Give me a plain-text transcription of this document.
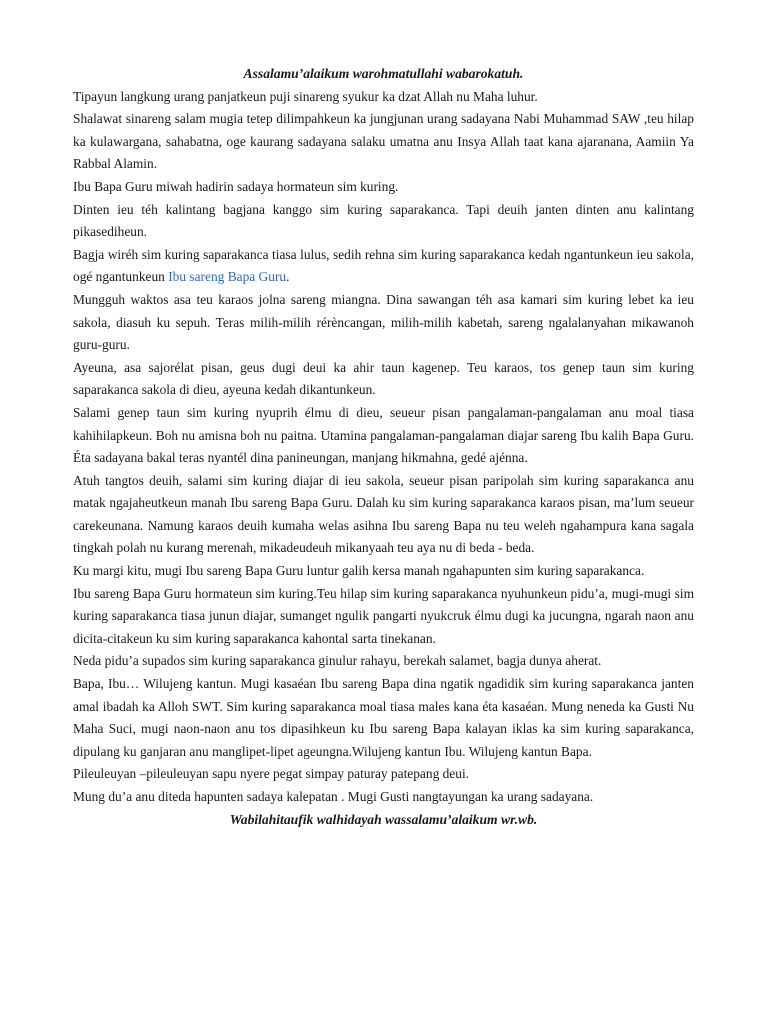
Assalamu’alaikum warohmatullahi wabarokatuh.

Tipayun langkung urang panjatkeun puji sinareng syukur ka dzat Allah nu Maha luhur.

Shalawat sinareng salam mugia tetep dilimpahkeun ka jungjunan urang sadayana Nabi Muhammad SAW ,teu hilap ka kulawargana, sahabatna, oge kaurang sadayana salaku umatna anu Insya Allah taat kana ajaranana, Aamiin Ya Rabbal Alamin.

Ibu Bapa Guru miwah hadirin sadaya hormateun sim kuring.

Dinten ieu téh kalintang bagjana kanggo sim kuring saparakanca. Tapi deuih janten dinten anu kalintang pikasedihеun.

Bagja wiréh sim kuring saparakanca tiasa lulus, sedih rehna sim kuring saparakanca kedah ngantunkeun ieu sakola, ogé ngantunkeun Ibu sareng Bapa Guru.

Mungguh waktos asa teu karaos jolna sareng miangna. Dina sawangan téh asa kamari sim kuring lebet ka ieu sakola, diasuh ku sepuh. Teras milih-milih rérèncangan, milih-milih kabetah, sareng ngalalanyahan mikawanoh guru-guru.

Ayeuna, asa sajorélat pisan, geus dugi deui ka ahir taun kagenep. Teu karaos, tos genep taun sim kuring saparakanca sakola di dieu, ayeuna kedah dikantunkeun.

Salami genep taun sim kuring nyuprih élmu di dieu, seueur pisan pangalaman-pangalaman anu moal tiasa kahihilapkeun. Boh nu amisna boh nu paitna. Utamina pangalaman-pangalaman diajar sareng Ibu kalih Bapa Guru. Éta sadayana bakal teras nyantél dina panineungan, manjang hikmahna, gedé ajénna.

Atuh tangtos deuih, salami sim kuring diajar di ieu sakola, seueur pisan paripolah sim kuring saparakanca anu matak ngajaheutkeun manah Ibu sareng Bapa Guru. Dalah ku sim kuring saparakanca karaos pisan, ma’lum seueur carekeunana. Namung karaos deuih kumaha welas asihna Ibu sareng Bapa nu teu weleh ngahampura kana sagala tingkah polah nu kurang merenah, mikadeudeuh mikanyaah teu aya nu di beda - beda.

Ku margi kitu, mugi Ibu sareng Bapa Guru luntur galih kersa manah ngahapunten sim kuring saparakanca.

Ibu sareng Bapa Guru hormateun sim kuring.Teu hilap sim kuring saparakanca nyuhunkeun pidu’a, mugi-mugi sim kuring saparakanca tiasa junun diajar, sumanget ngulik pangarti nyukcruk élmu dugi ka jucungna, ngarah naon anu dicita-citakeun ku sim kuring saparakanca kahontal sarta tinekanan.

Neda pidu’a supados sim kuring saparakanca ginulur rahayu, berekah salamet, bagja dunya aherat.

Bapa, Ibu… Wilujeng kantun. Mugi kasaéan Ibu sareng Bapa dina ngatik ngadidik sim kuring saparakanca janten amal ibadah ka Alloh SWT. Sim kuring saparakanca moal tiasa males kana éta kasaéan. Mung neneda ka Gusti Nu Maha Suci, mugi naon-naon anu tos dipasihkeun ku Ibu sareng Bapa kalayan iklas ka sim kuring saparakanca, dipulang ku ganjaran anu manglipet-lipet ageungna.Wilujeng kantun Ibu. Wilujeng kantun Bapa.

Pileuleuyan –pileuleuyan sapu nyere pegat simpay paturay patepang deui.

Mung du’a anu diteda hapunten sadaya kalepatan . Mugi Gusti nangtayungan ka urang sadayana.

Wabilahitaufik walhidayah wassalamu’alaikum wr.wb.
